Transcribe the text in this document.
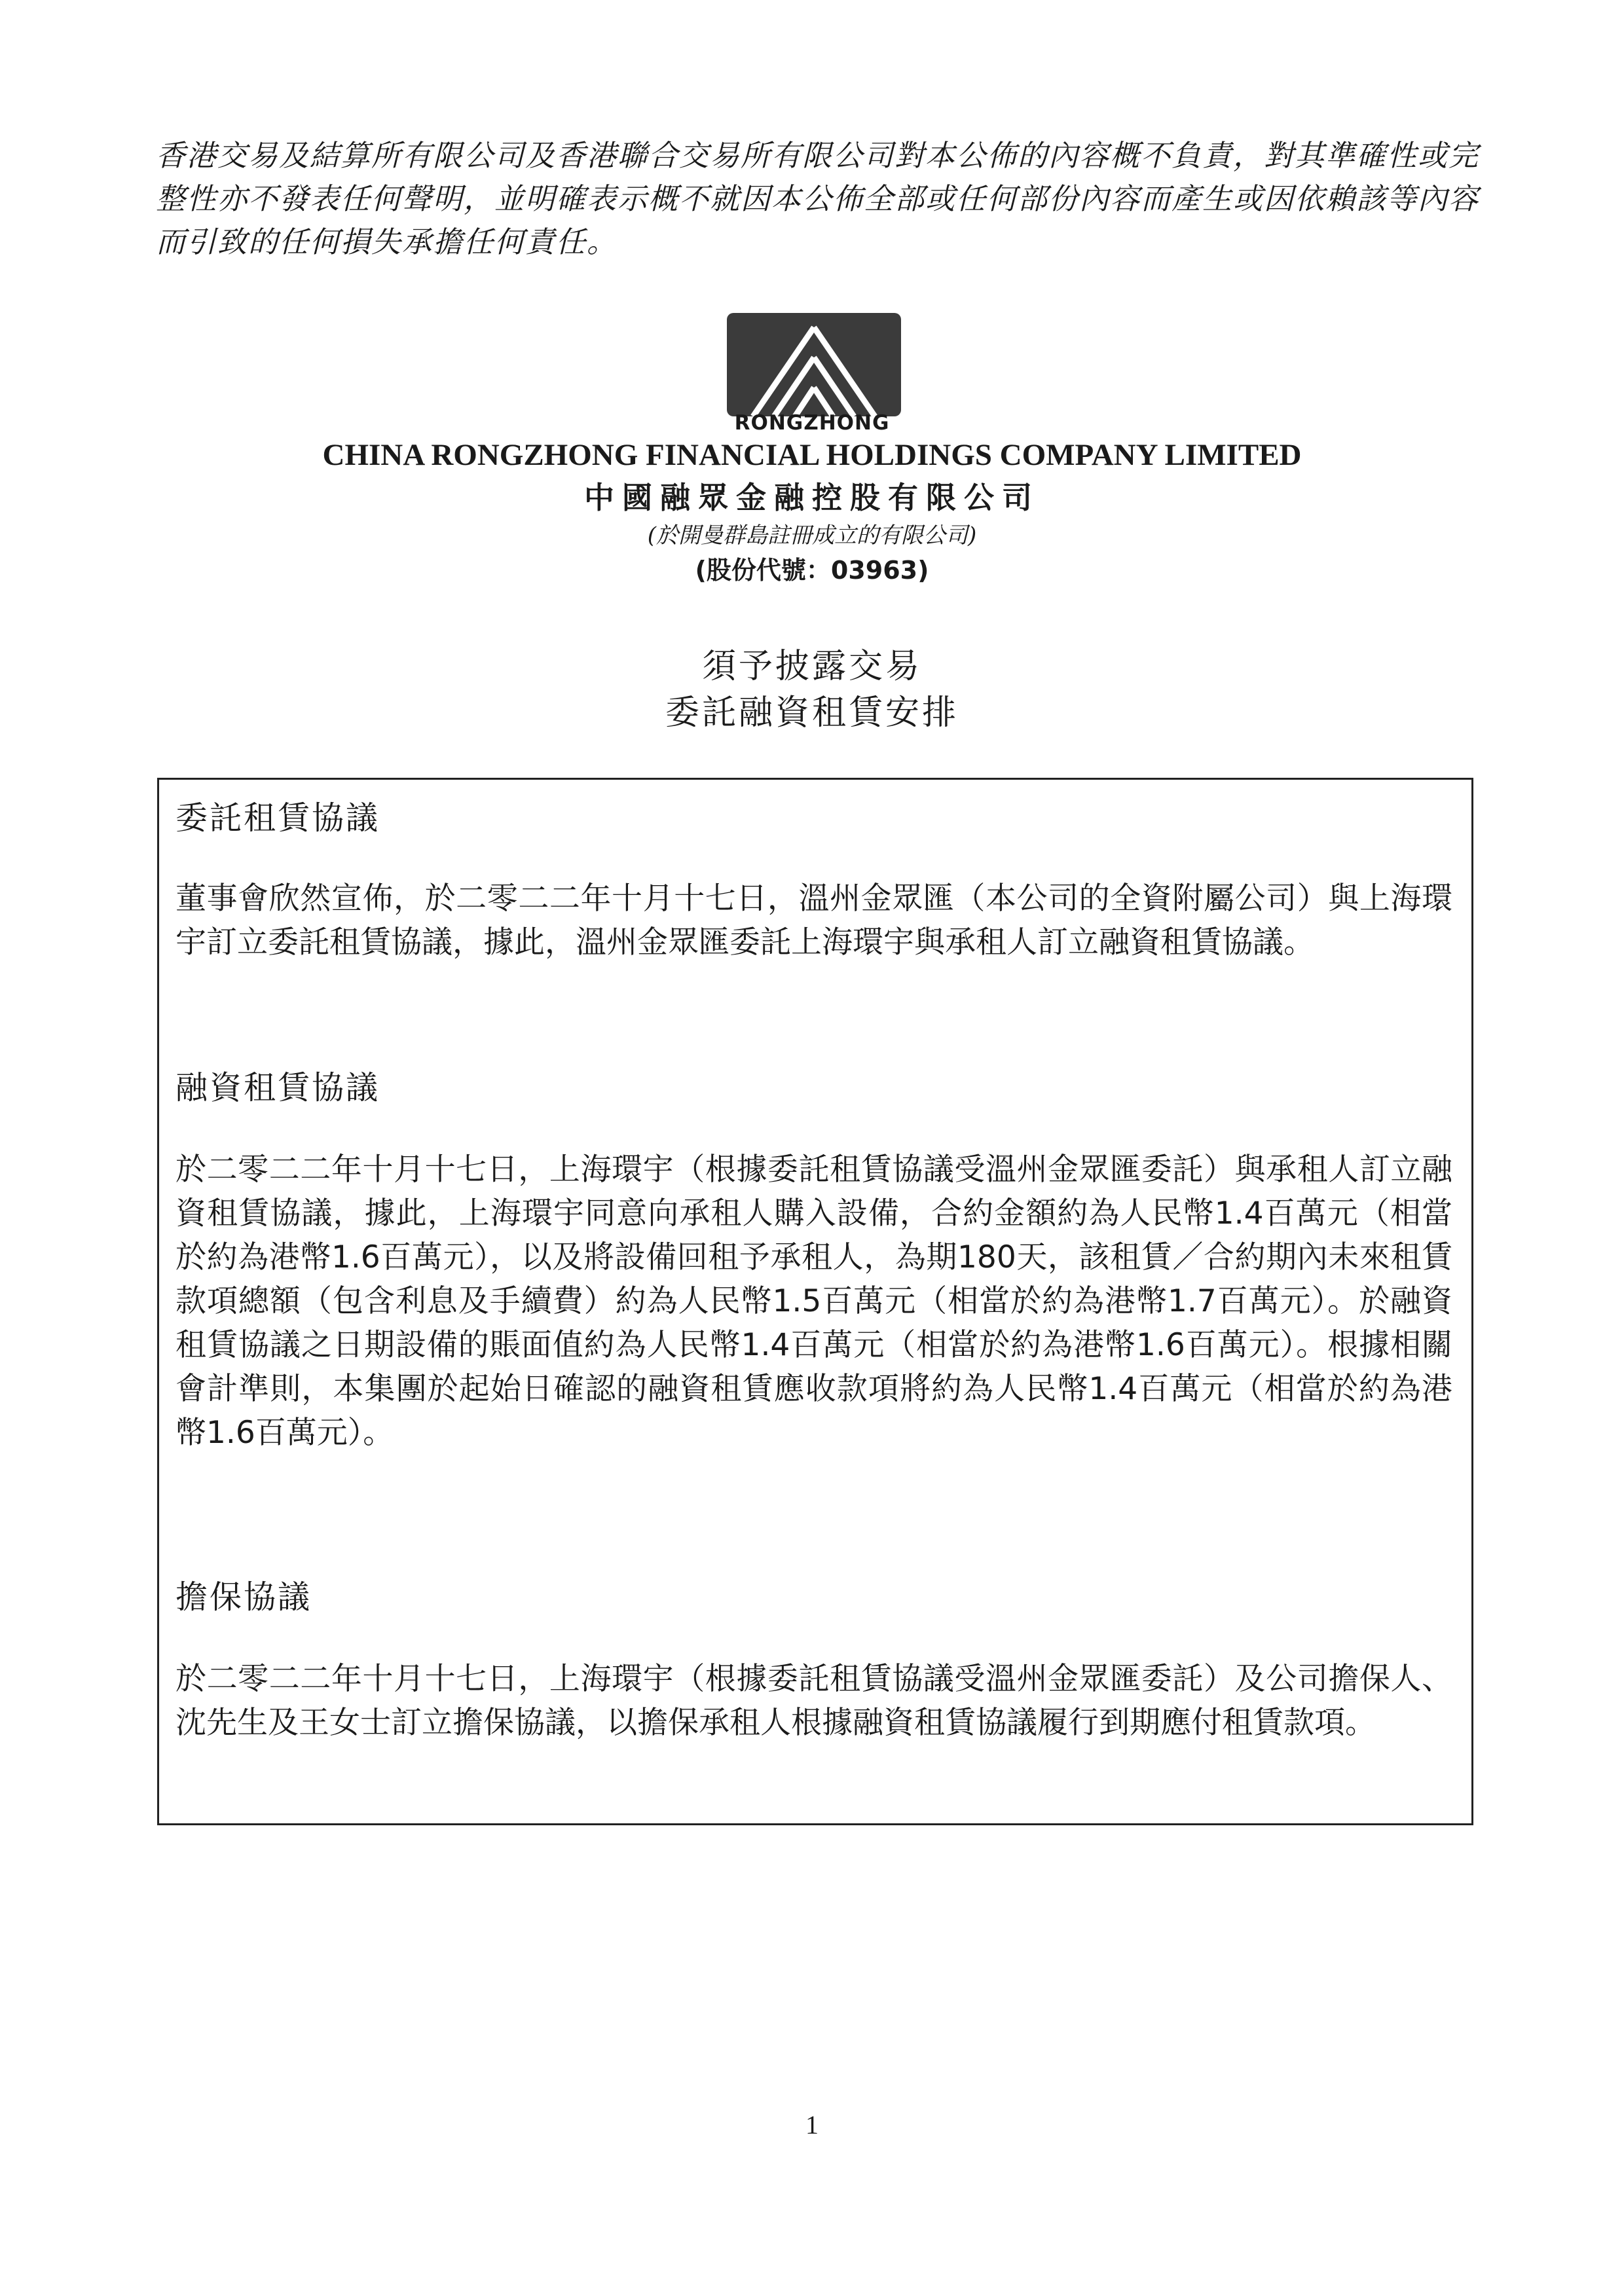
香港交易及結算所有限公司及香港聯合交易所有限公司對本公佈的內容概不負責，對其準確性或完整性亦不發表任何聲明，並明確表示概不就因本公佈全部或任何部份內容而產生或因依賴該等內容而引致的任何損失承擔任何責任。

RONGZHONG

CHINA RONGZHONG FINANCIAL HOLDINGS COMPANY LIMITED

中國融眾金融控股有限公司

(於開曼群島註冊成立的有限公司)

(股份代號：03963)

須予披露交易

委託融資租賃安排

委託租賃協議

董事會欣然宣佈，於二零二二年十月十七日，溫州金眾匯（本公司的全資附屬公司）與上海環宇訂立委託租賃協議，據此，溫州金眾匯委託上海環宇與承租人訂立融資租賃協議。

融資租賃協議

於二零二二年十月十七日，上海環宇（根據委託租賃協議受溫州金眾匯委託）與承租人訂立融資租賃協議，據此，上海環宇同意向承租人購入設備，合約金額約為人民幣1.4百萬元（相當於約為港幣1.6百萬元），以及將設備回租予承租人，為期180天，該租賃／合約期內未來租賃款項總額（包含利息及手續費）約為人民幣1.5百萬元（相當於約為港幣1.7百萬元）。於融資租賃協議之日期設備的賬面值約為人民幣1.4百萬元（相當於約為港幣1.6百萬元）。根據相關會計準則，本集團於起始日確認的融資租賃應收款項將約為人民幣1.4百萬元（相當於約為港幣1.6百萬元）。

擔保協議

於二零二二年十月十七日，上海環宇（根據委託租賃協議受溫州金眾匯委託）及公司擔保人、沈先生及王女士訂立擔保協議，以擔保承租人根據融資租賃協議履行到期應付租賃款項。

1
